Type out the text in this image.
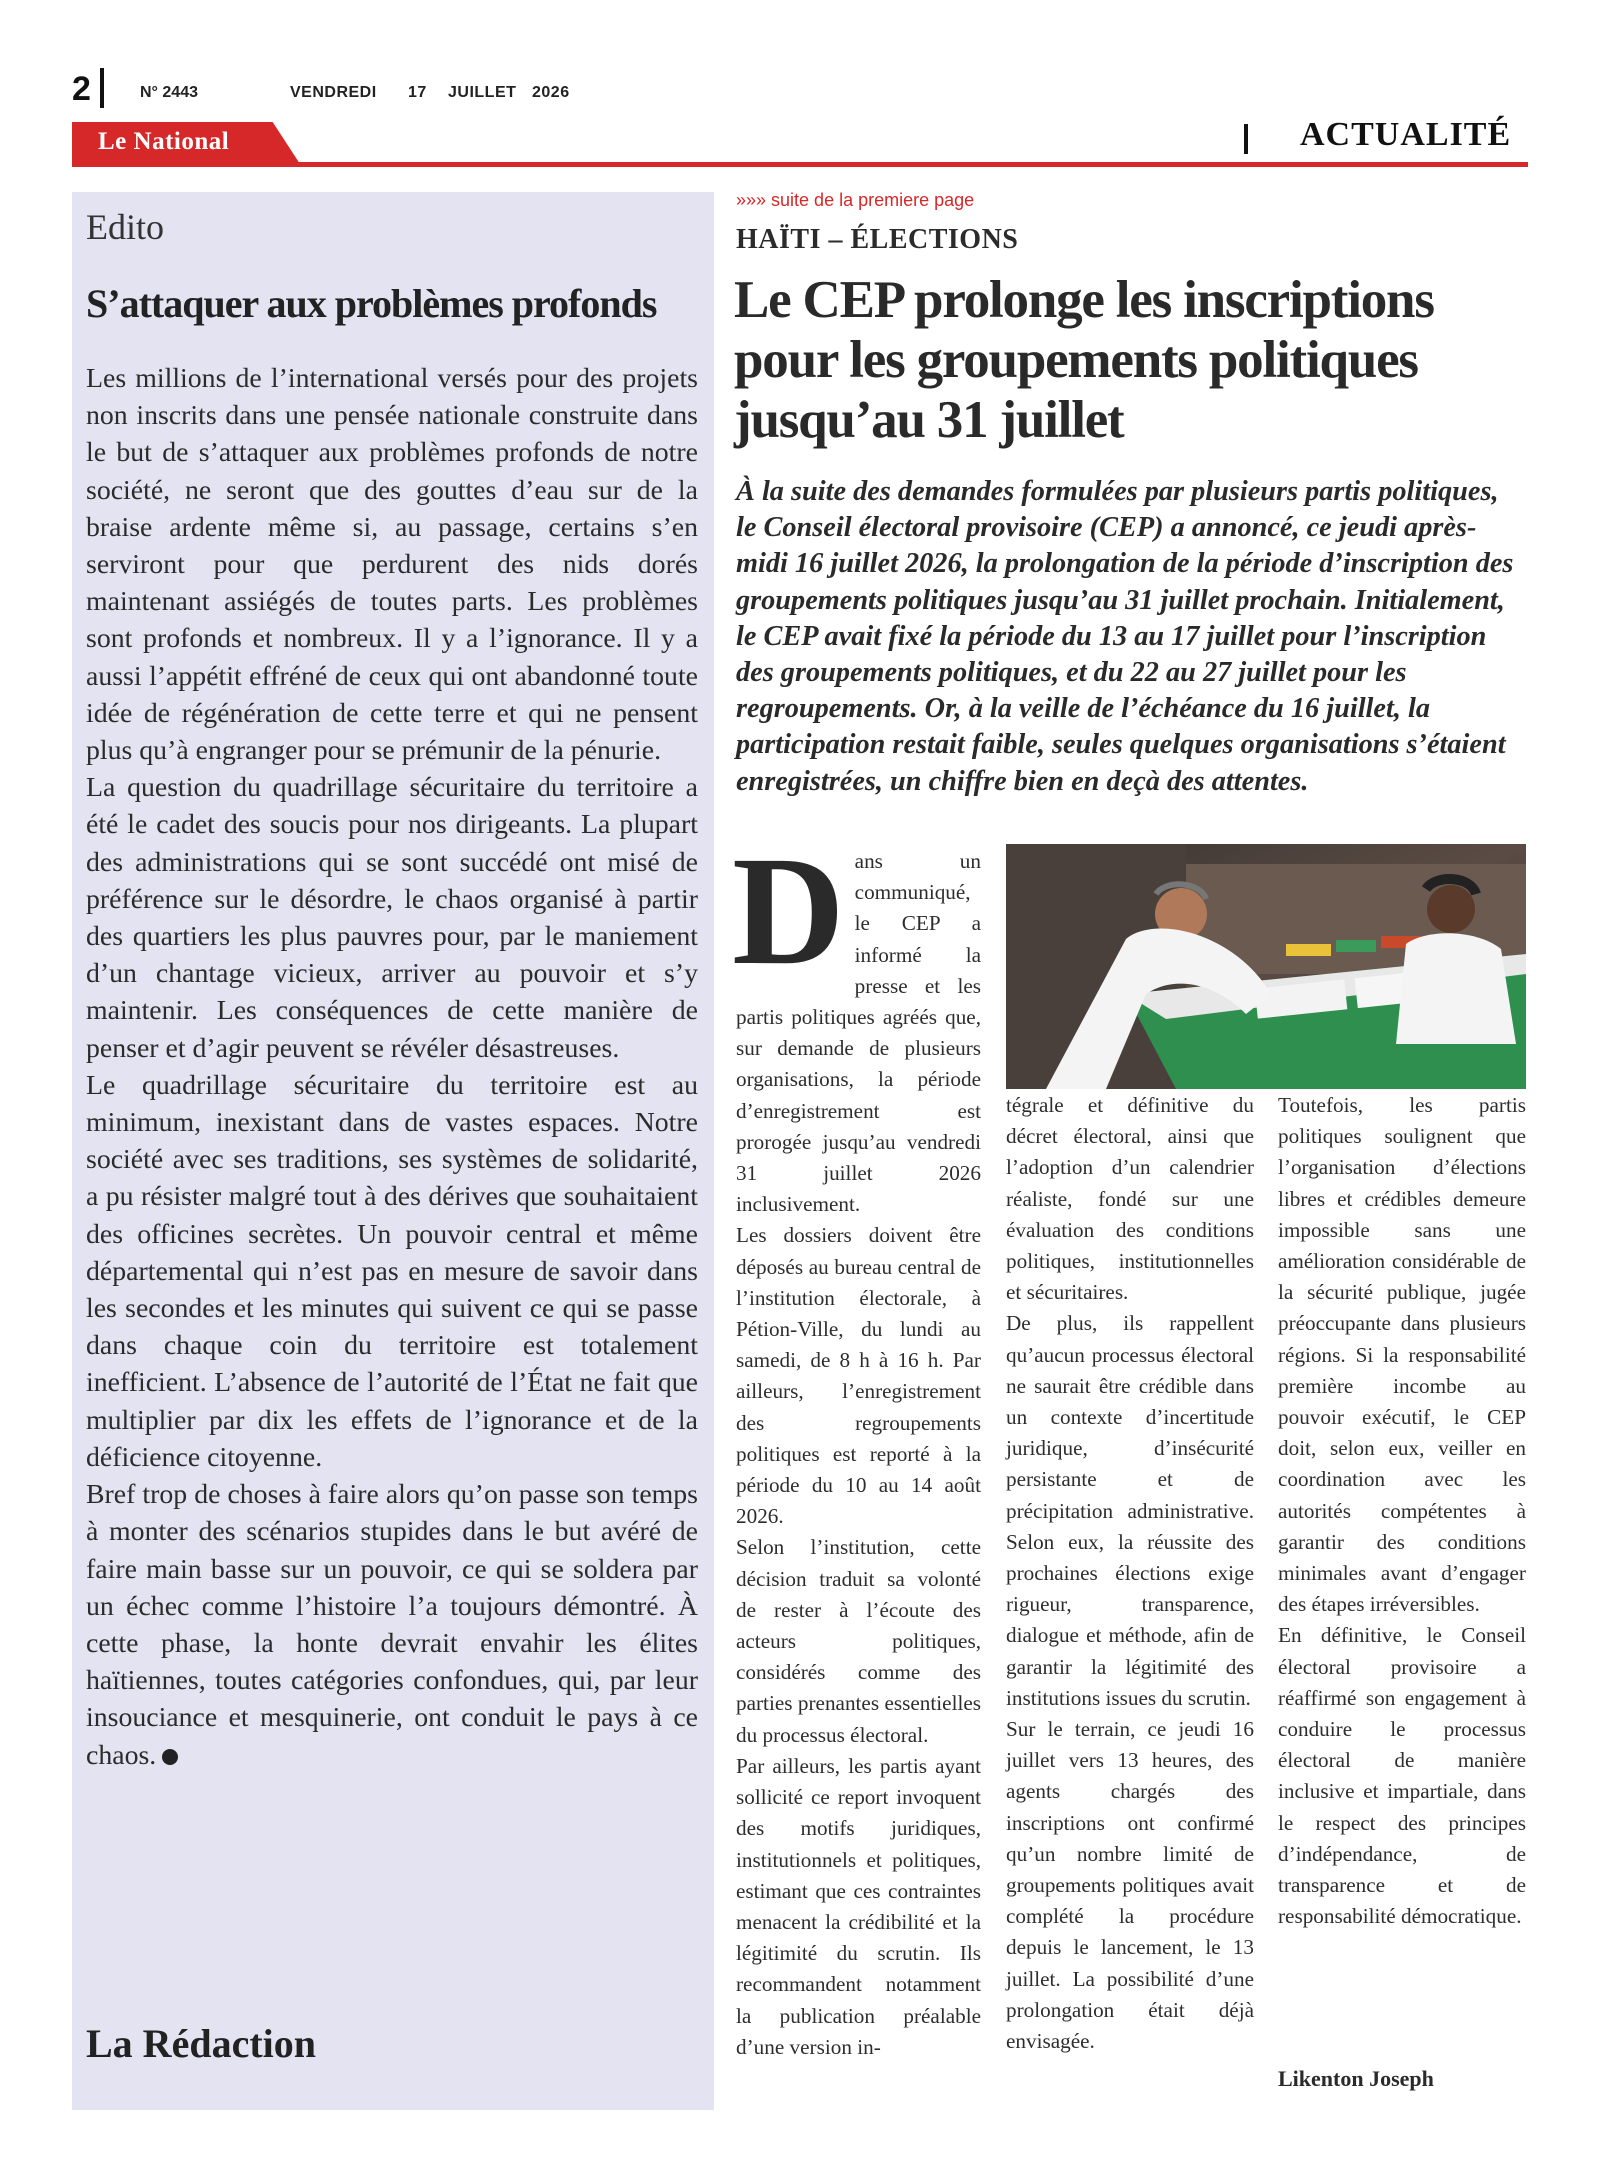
2	N° 2443	VENDREDI 17 JUILLET 2026
Le National	ACTUALITÉ
Edito
S’attaquer aux problèmes profonds

Les millions de l’international versés pour des projets non inscrits dans une pensée nationale construite dans le but de s’attaquer aux problèmes profonds de notre société, ne seront que des gouttes d’eau sur de la braise ardente même si, au passage, certains s’en serviront pour que perdurent des nids dorés maintenant assiégés de toutes parts. Les problèmes sont profonds et nombreux. Il y a l’ignorance. Il y a aussi l’appétit effréné de ceux qui ont abandonné toute idée de régénération de cette terre et qui ne pensent plus qu’à engranger pour se prémunir de la pénurie.

La question du quadrillage sécuritaire du territoire a été le cadet des soucis pour nos dirigeants. La plupart des administrations qui se sont succédé ont misé de préférence sur le désordre, le chaos organisé à partir des quartiers les plus pauvres pour, par le maniement d’un chantage vicieux, arriver au pouvoir et s’y maintenir. Les conséquences de cette manière de penser et d’agir peuvent se révéler désastreuses.

Le quadrillage sécuritaire du territoire est au minimum, inexistant dans de vastes espaces. Notre société avec ses traditions, ses systèmes de solidarité, a pu résister malgré tout à des dérives que souhaitaient des officines secrètes. Un pouvoir central et même départemental qui n’est pas en mesure de savoir dans les secondes et les minutes qui suivent ce qui se passe dans chaque coin du territoire est totalement inefficient. L’absence de l’autorité de l’État ne fait que multiplier par dix les effets de l’ignorance et de la déficience citoyenne.

Bref trop de choses à faire alors qu’on passe son temps à monter des scénarios stupides dans le but avéré de faire main basse sur un pouvoir, ce qui se soldera par un échec comme l’histoire l’a toujours démontré. À cette phase, la honte devrait envahir les élites haïtiennes, toutes catégories confondues, qui, par leur insouciance et mesquinerie, ont conduit le pays à ce chaos.

La Rédaction
»»» suite de la premiere page
HAÏTI – ÉLECTIONS
Le CEP prolonge les inscriptions pour les groupements politiques jusqu’au 31 juillet
À la suite des demandes formulées par plusieurs partis politiques, le Conseil électoral provisoire (CEP) a annoncé, ce jeudi après-midi 16 juillet 2026, la prolongation de la période d’inscription des groupements politiques jusqu’au 31 juillet prochain. Initialement, le CEP avait fixé la période du 13 au 17 juillet pour l’inscription des groupements politiques, et du 22 au 27 juillet pour les regroupements. Or, à la veille de l’échéance du 16 juillet, la participation restait faible, seules quelques organisations s’étaient enregistrées, un chiffre bien en deçà des attentes.
D ans un communiqué, le CEP a informé la presse et les partis politiques agréés que, sur demande de plusieurs organisations, la période d’enregistrement est prorogée jusqu’au vendredi 31 juillet 2026 inclusivement.

Les dossiers doivent être déposés au bureau central de l’institution électorale, à Pétion-Ville, du lundi au samedi, de 8 h à 16 h. Par ailleurs, l’enregistrement des regroupements politiques est reporté à la période du 10 au 14 août 2026.

Selon l’institution, cette décision traduit sa volonté de rester à l’écoute des acteurs politiques, considérés comme des parties prenantes essentielles du processus électoral.

Par ailleurs, les partis ayant sollicité ce report invoquent des motifs juridiques, institutionnels et politiques, estimant que ces contraintes menacent la crédibilité et la légitimité du scrutin. Ils recommandent notamment la publication préalable d’une version in-

tégrale et définitive du décret électoral, ainsi que l’adoption d’un calendrier réaliste, fondé sur une évaluation des conditions politiques, institutionnelles et sécuritaires.

De plus, ils rappellent qu’aucun processus électoral ne saurait être crédible dans un contexte d’incertitude juridique, d’insécurité persistante et de précipitation administrative. Selon eux, la réussite des prochaines élections exige rigueur, transparence, dialogue et méthode, afin de garantir la légitimité des institutions issues du scrutin.

Sur le terrain, ce jeudi 16 juillet vers 13 heures, des agents chargés des inscriptions ont confirmé qu’un nombre limité de groupements politiques avait complété la procédure depuis le lancement, le 13 juillet. La possibilité d’une prolongation était déjà envisagée.

Toutefois, les partis politiques soulignent que l’organisation d’élections libres et crédibles demeure impossible sans une amélioration considérable de la sécurité publique, jugée préoccupante dans plusieurs régions. Si la responsabilité première incombe au pouvoir exécutif, le CEP doit, selon eux, veiller en coordination avec les autorités compétentes à garantir des conditions minimales avant d’engager des étapes irréversibles.

En définitive, le Conseil électoral provisoire a réaffirmé son engagement à conduire le processus électoral de manière inclusive et impartiale, dans le respect des principes d’indépendance, de transparence et de responsabilité démocratique.

Likenton Joseph
